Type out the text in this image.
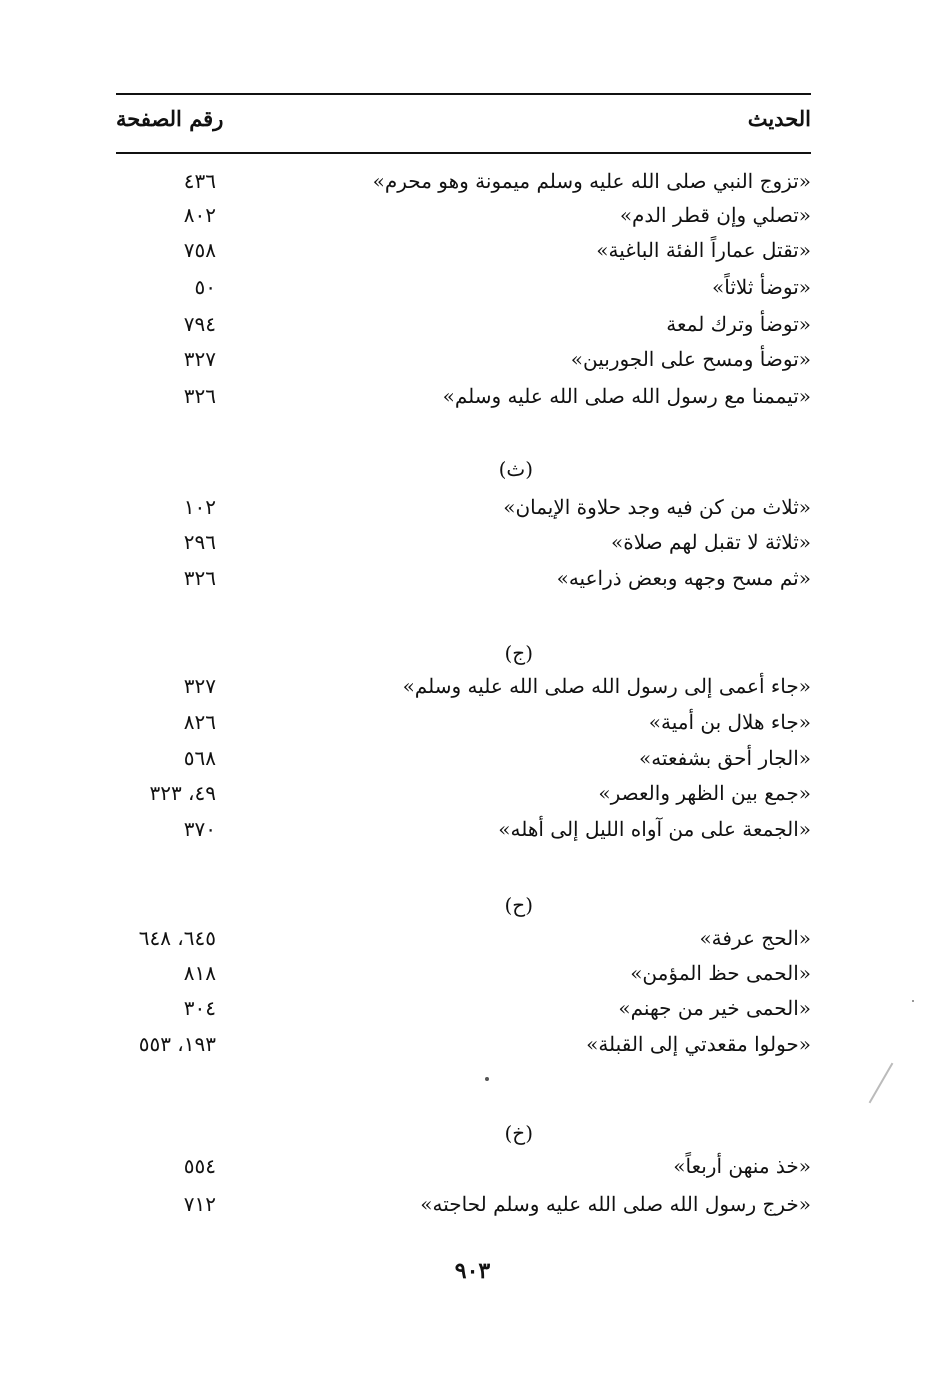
الحديث
رقم الصفحة
«تزوج النبي صلى الله عليه وسلم ميمونة وهو محرم»
٤٣٦
«تصلي وإن قطر الدم»
٨٠٢
«تقتل عماراً الفئة الباغية»
٧٥٨
«توضأ ثلاثاً»
٥٠
«توضأ وترك لمعة
٧٩٤
«توضأ ومسح على الجوربين»
٣٢٧
«تيممنا مع رسول الله صلى الله عليه وسلم»
٣٢٦
(ث)
«ثلاث من كن فيه وجد حلاوة الإيمان»
١٠٢
«ثلاثة لا تقبل لهم صلاة»
٢٩٦
«ثم مسح وجهه وبعض ذراعيه»
٣٢٦
(ج)
«جاء أعمى إلى رسول الله صلى الله عليه وسلم»
٣٢٧
«جاء هلال بن أمية»
٨٢٦
«الجار أحق بشفعته»
٥٦٨
«جمع بين الظهر والعصر»
٤٩، ٣٢٣
«الجمعة على من آواه الليل إلى أهله»
٣٧٠
(ح)
«الحج عرفة»
٦٤٥، ٦٤٨
«الحمى حظ المؤمن»
٨١٨
«الحمى خير من جهنم»
٣٠٤
«حولوا مقعدتي إلى القبلة»
١٩٣، ٥٥٣
(خ)
«خذ منهن أربعاً»
٥٥٤
«خرج رسول الله صلى الله عليه وسلم لحاجته»
٧١٢
٩٠٣
